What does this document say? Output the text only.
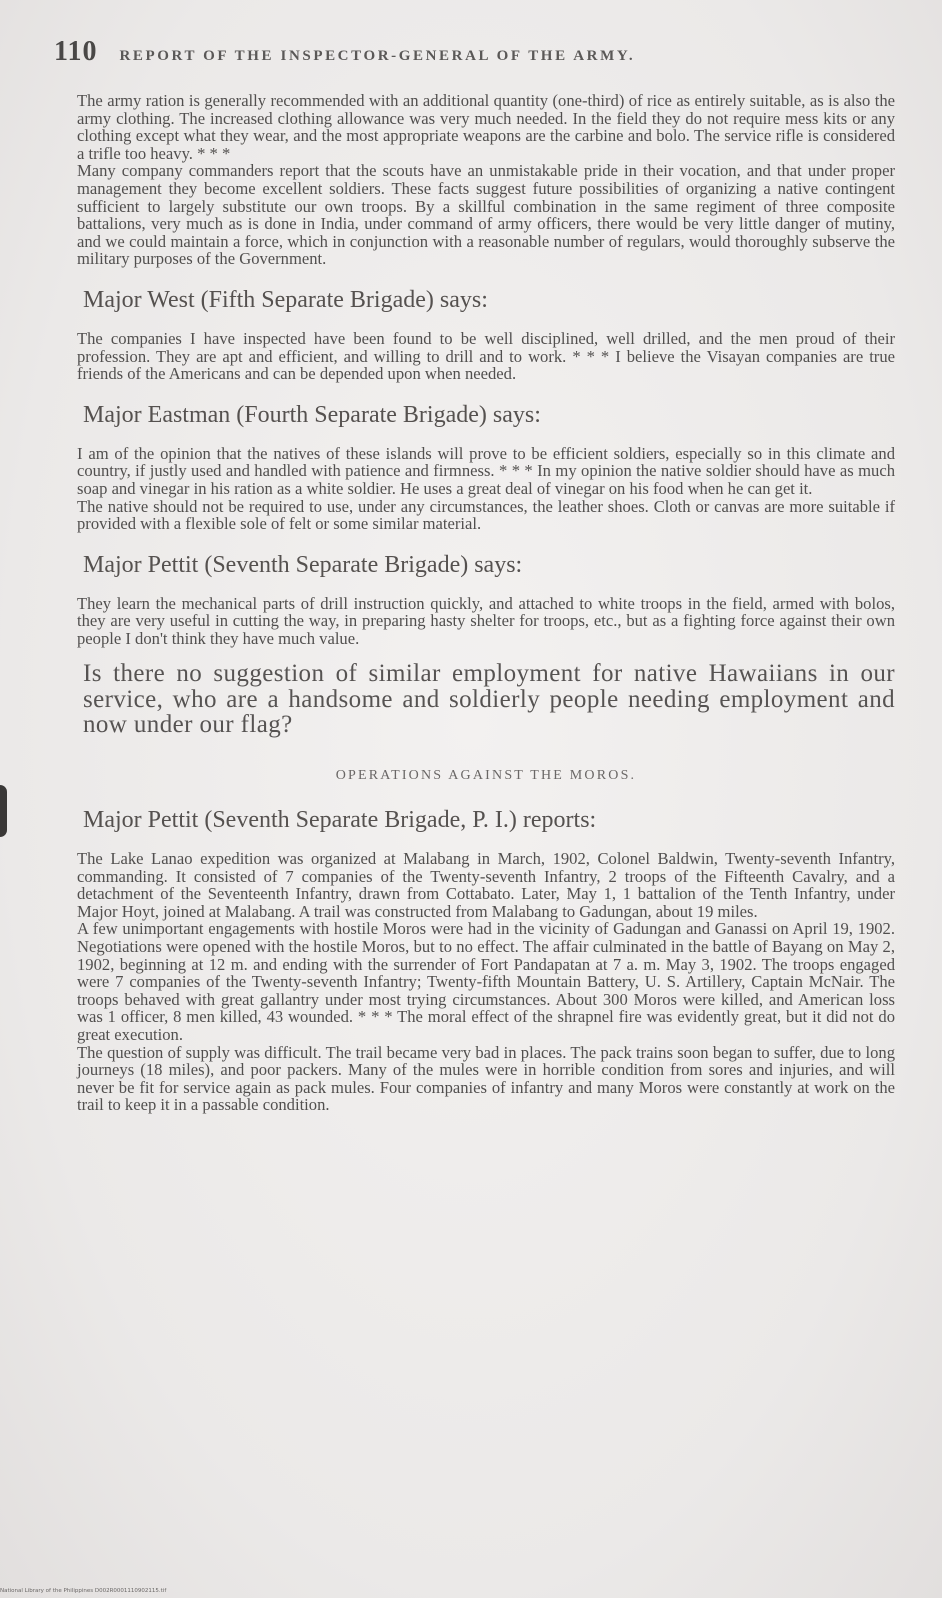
110 REPORT OF THE INSPECTOR-GENERAL OF THE ARMY.

The army ration is generally recommended with an additional quantity (one-third) of rice as entirely suitable, as is also the army clothing. The increased clothing allowance was very much needed. In the field they do not require mess kits or any clothing except what they wear, and the most appropriate weapons are the carbine and bolo. The service rifle is considered a trifle too heavy. * * *

Many company commanders report that the scouts have an unmistakable pride in their vocation, and that under proper management they become excellent soldiers. These facts suggest future possibilities of organizing a native contingent sufficient to largely substitute our own troops. By a skillful combination in the same regiment of three composite battalions, very much as is done in India, under command of army officers, there would be very little danger of mutiny, and we could maintain a force, which in conjunction with a reasonable number of regulars, would thoroughly subserve the military purposes of the Government.

Major West (Fifth Separate Brigade) says:

The companies I have inspected have been found to be well disciplined, well drilled, and the men proud of their profession. They are apt and efficient, and willing to drill and to work. * * * I believe the Visayan companies are true friends of the Americans and can be depended upon when needed.

Major Eastman (Fourth Separate Brigade) says:

I am of the opinion that the natives of these islands will prove to be efficient soldiers, especially so in this climate and country, if justly used and handled with patience and firmness. * * * In my opinion the native soldier should have as much soap and vinegar in his ration as a white soldier. He uses a great deal of vinegar on his food when he can get it.

The native should not be required to use, under any circumstances, the leather shoes. Cloth or canvas are more suitable if provided with a flexible sole of felt or some similar material.

Major Pettit (Seventh Separate Brigade) says:

They learn the mechanical parts of drill instruction quickly, and attached to white troops in the field, armed with bolos, they are very useful in cutting the way, in preparing hasty shelter for troops, etc., but as a fighting force against their own people I don't think they have much value.

Is there no suggestion of similar employment for native Hawaiians in our service, who are a handsome and soldierly people needing employment and now under our flag?
OPERATIONS AGAINST THE MOROS.
Major Pettit (Seventh Separate Brigade, P. I.) reports:

The Lake Lanao expedition was organized at Malabang in March, 1902, Colonel Baldwin, Twenty-seventh Infantry, commanding. It consisted of 7 companies of the Twenty-seventh Infantry, 2 troops of the Fifteenth Cavalry, and a detachment of the Seventeenth Infantry, drawn from Cottabato. Later, May 1, 1 battalion of the Tenth Infantry, under Major Hoyt, joined at Malabang. A trail was constructed from Malabang to Gadungan, about 19 miles.

A few unimportant engagements with hostile Moros were had in the vicinity of Gadungan and Ganassi on April 19, 1902. Negotiations were opened with the hostile Moros, but to no effect. The affair culminated in the battle of Bayang on May 2, 1902, beginning at 12 m. and ending with the surrender of Fort Pandapatan at 7 a. m. May 3, 1902. The troops engaged were 7 companies of the Twenty-seventh Infantry; Twenty-fifth Mountain Battery, U. S. Artillery, Captain McNair. The troops behaved with great gallantry under most trying circumstances. About 300 Moros were killed, and American loss was 1 officer, 8 men killed, 43 wounded. * * * The moral effect of the shrapnel fire was evidently great, but it did not do great execution.

The question of supply was difficult. The trail became very bad in places. The pack trains soon began to suffer, due to long journeys (18 miles), and poor packers. Many of the mules were in horrible condition from sores and injuries, and will never be fit for service again as pack mules. Four companies of infantry and many Moros were constantly at work on the trail to keep it in a passable condition.

National Library of the Philippines D002R0001110902115.tif
